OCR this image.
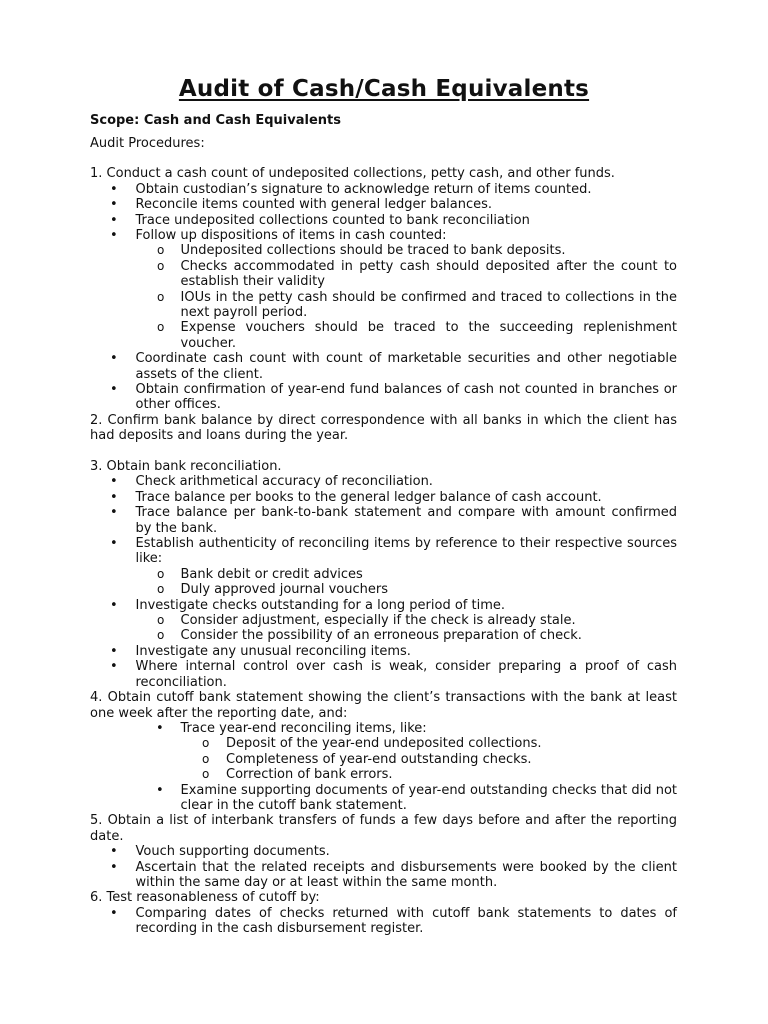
Audit of Cash/Cash Equivalents

Scope: Cash and Cash Equivalents

Audit Procedures:

1. Conduct a cash count of undeposited collections, petty cash, and other funds.

• Obtain custodian’s signature to acknowledge return of items counted.
• Reconcile items counted with general ledger balances.
• Trace undeposited collections counted to bank reconciliation
• Follow up dispositions of items in cash counted:
o Undeposited collections should be traced to bank deposits.
o Checks accommodated in petty cash should deposited after the count to establish their validity
o IOUs in the petty cash should be confirmed and traced to collections in the next payroll period.
o Expense vouchers should be traced to the succeeding replenishment voucher.
• Coordinate cash count with count of marketable securities and other negotiable assets of the client.
• Obtain confirmation of year-end fund balances of cash not counted in branches or other offices.

2. Confirm bank balance by direct correspondence with all banks in which the client has had deposits and loans during the year.

3. Obtain bank reconciliation.

• Check arithmetical accuracy of reconciliation.
• Trace balance per books to the general ledger balance of cash account.
• Trace balance per bank-to-bank statement and compare with amount confirmed by the bank.
• Establish authenticity of reconciling items by reference to their respective sources like:
o Bank debit or credit advices
o Duly approved journal vouchers
• Investigate checks outstanding for a long period of time.
o Consider adjustment, especially if the check is already stale.
o Consider the possibility of an erroneous preparation of check.
• Investigate any unusual reconciling items.
• Where internal control over cash is weak, consider preparing a proof of cash reconciliation.

4. Obtain cutoff bank statement showing the client’s transactions with the bank at least one week after the reporting date, and:

• Trace year-end reconciling items, like:
o Deposit of the year-end undeposited collections.
o Completeness of year-end outstanding checks.
o Correction of bank errors.
• Examine supporting documents of year-end outstanding checks that did not clear in the cutoff bank statement.

5. Obtain a list of interbank transfers of funds a few days before and after the reporting date.

• Vouch supporting documents.
• Ascertain that the related receipts and disbursements were booked by the client within the same day or at least within the same month.

6. Test reasonableness of cutoff by:

• Comparing dates of checks returned with cutoff bank statements to dates of recording in the cash disbursement register.
